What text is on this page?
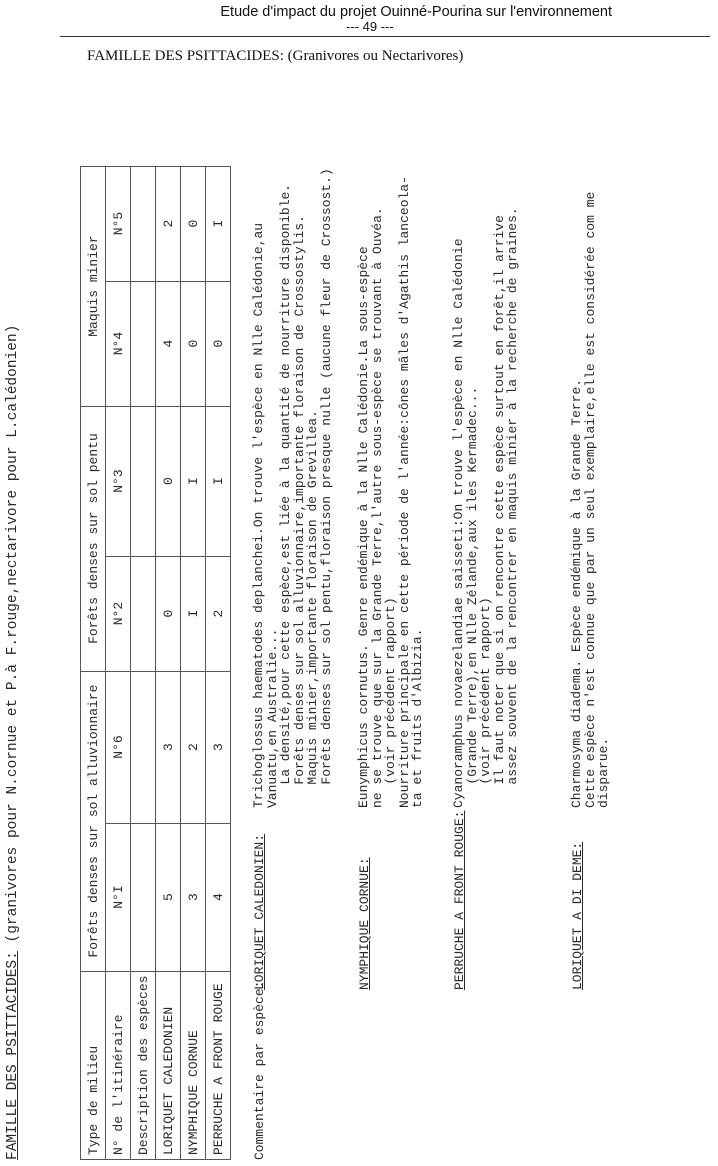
Etude d'impact du projet Ouinné-Pourina sur l'environnement
--- 49 ---
FAMILLE DES PSITTACIDES: (Granivores ou Nectarivores)
FAMILLE DES PSITTACIDES: (granivores pour N.cornue et P.à F.rouge,nectarivore pour L.calédonien)
Type de milieu	Forêts denses sur sol alluvionnaire		Forêts denses sur sol pentu		Maquis minier	
N° de l'itinéraire	N°I	N°6	N°2	N°3	N°4	N°5
Description des espèces						
LORIQUET CALEDONIEN	5	3	0	0	4	2
NYMPHIQUE CORNUE	3	2	I	I	0	0
PERRUCHE A FRONT ROUGE	4	3	2	I	0	I
Commentaire par espèce:
LORIQUET CALEDONIEN:
Trichoglossus haematodes deplanchei.On trouve l'espèce en Nlle Calédonie,au
Vanuatu,en Australie...
La densité,pour cette espèce,est liée à la quantité de nourriture disponible.
Forêts denses sur sol alluvionnaire,importante floraison de Crossostylis.
Maquis minier,importante floraison de Grevillea.
Forêts denses sur sol pentu,floraison presque nulle (aucune fleur de Crossost.)
NYMPHIQUE CORNUE:
Eunymphicus cornutus. Genre endémique à la Nlle Calédonie.La sous-espèce
ne se trouve que sur la Grande Terre,l'autre sous-espèce se trouvant à Ouvéa.
(voir précédent rapport)
Nourriture principale en cette période de l'année:cônes mâles d'Agathis lanceola-
ta et fruits d'Albizia.
PERRUCHE A FRONT ROUGE:
Cyanoramphus novaezelandiae saisseti:On trouve l'espèce en Nlle Calédonie
(Grande Terre),en Nlle Zélande,aux iles Kermadec...
(voir précédent rapport)
Il faut noter que si on rencontre cette espèce surtout en forêt,il arrive
assez souvent de la rencontrer en maquis minier à la recherche de graines.
LORIQUET A DI DEME:
Charmosyma diadema. Espèce endémique à la Grande Terre.
Cette espèce n'est connue que par un seul exemplaire,elle est considérée com me
disparue.
